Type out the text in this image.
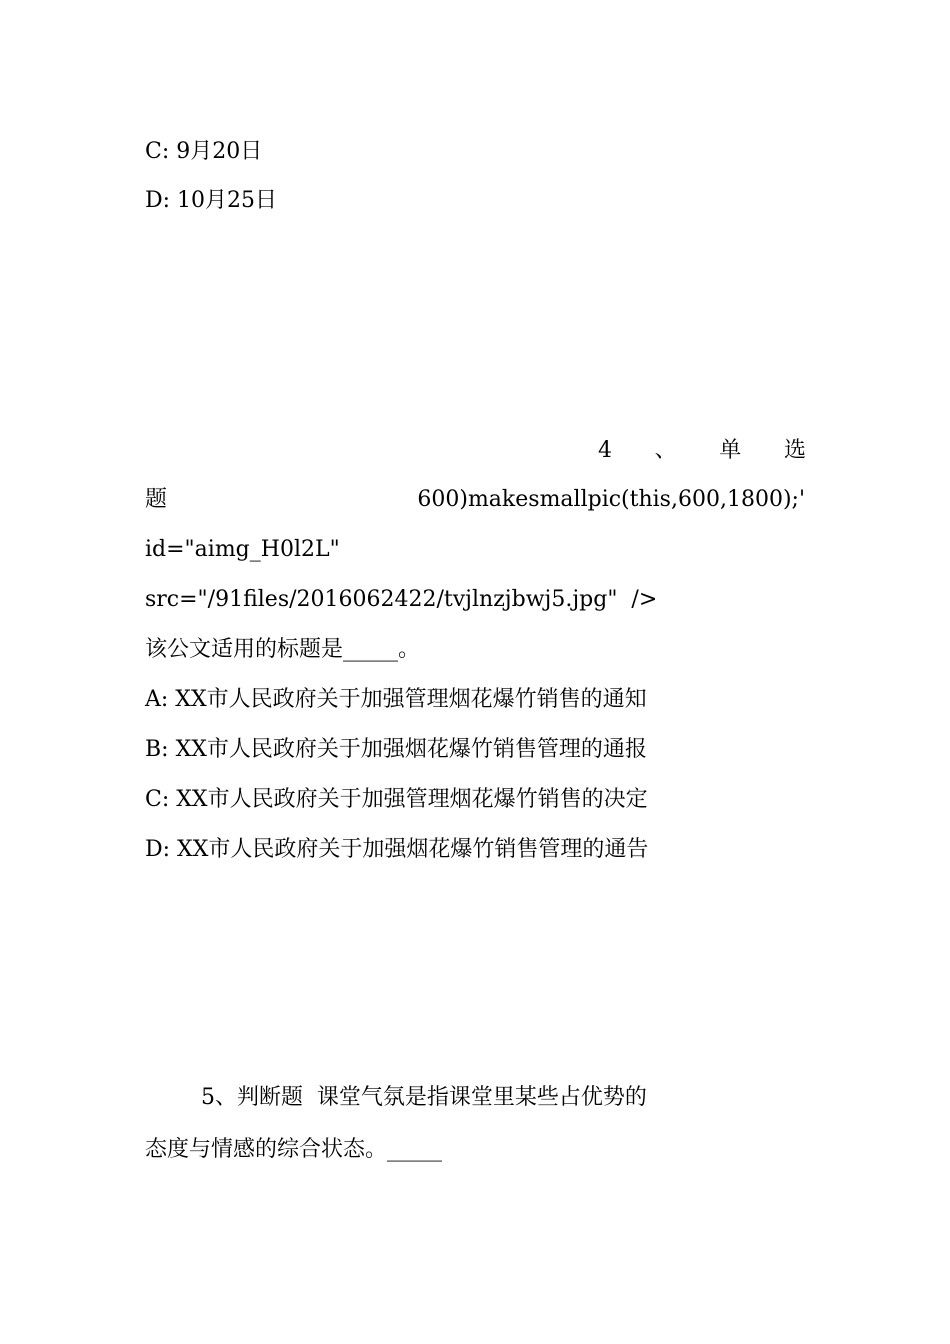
C: 9月20日
D: 10月25日
4 、 单 选
题	600)makesmallpic(this,600,1800);'
id="aimg_H0l2L"
src="/91files/2016062422/tvjlnzjbwj5.jpg"  />
该公文适用的标题是_____。
A: XX市人民政府关于加强管理烟花爆竹销售的通知
B: XX市人民政府关于加强烟花爆竹销售管理的通报
C: XX市人民政府关于加强管理烟花爆竹销售的决定
D: XX市人民政府关于加强烟花爆竹销售管理的通告
5、判断题  课堂气氛是指课堂里某些占优势的
态度与情感的综合状态。_____
